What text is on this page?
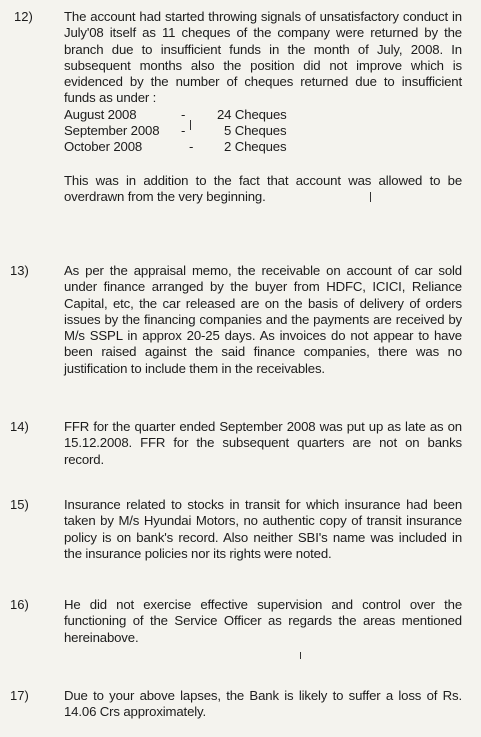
12) The account had started throwing signals of unsatisfactory conduct in July'08 itself as 11 cheques of the company were returned by the branch due to insufficient funds in the month of July, 2008. In subsequent months also the position did not improve which is evidenced by the number of cheques returned due to insufficient funds as under :

August 2008	- 24 Cheques
September 2008 -	5 Cheques
October 2008	- 2 Cheques

This was in addition to the fact that account was allowed to be overdrawn from the very beginning.

13)	As per the appraisal memo, the receivable on account of car sold under finance arranged by the buyer from HDFC, ICICI, Reliance Capital, etc, the car released are on the basis of delivery of orders issues by the financing companies and the payments are received by M/s SSPL in approx 20-25 days. As invoices do not appear to have been raised against the said finance companies, there was no justification to include them in the receivables.

14)	FFR for the quarter ended September 2008 was put up as late as on 15.12.2008. FFR for the subsequent quarters are not on banks record.

15)	Insurance related to stocks in transit for which insurance had been taken by M/s Hyundai Motors, no authentic copy of transit insurance policy is on bank's record. Also neither SBI's name was included in the insurance policies nor its rights were noted.

16)	He did not exercise effective supervision and control over the functioning of the Service Officer as regards the areas mentioned hereinabove.

17)	Due to your above lapses, the Bank is likely to suffer a loss of Rs. 14.06 Crs approximately.
